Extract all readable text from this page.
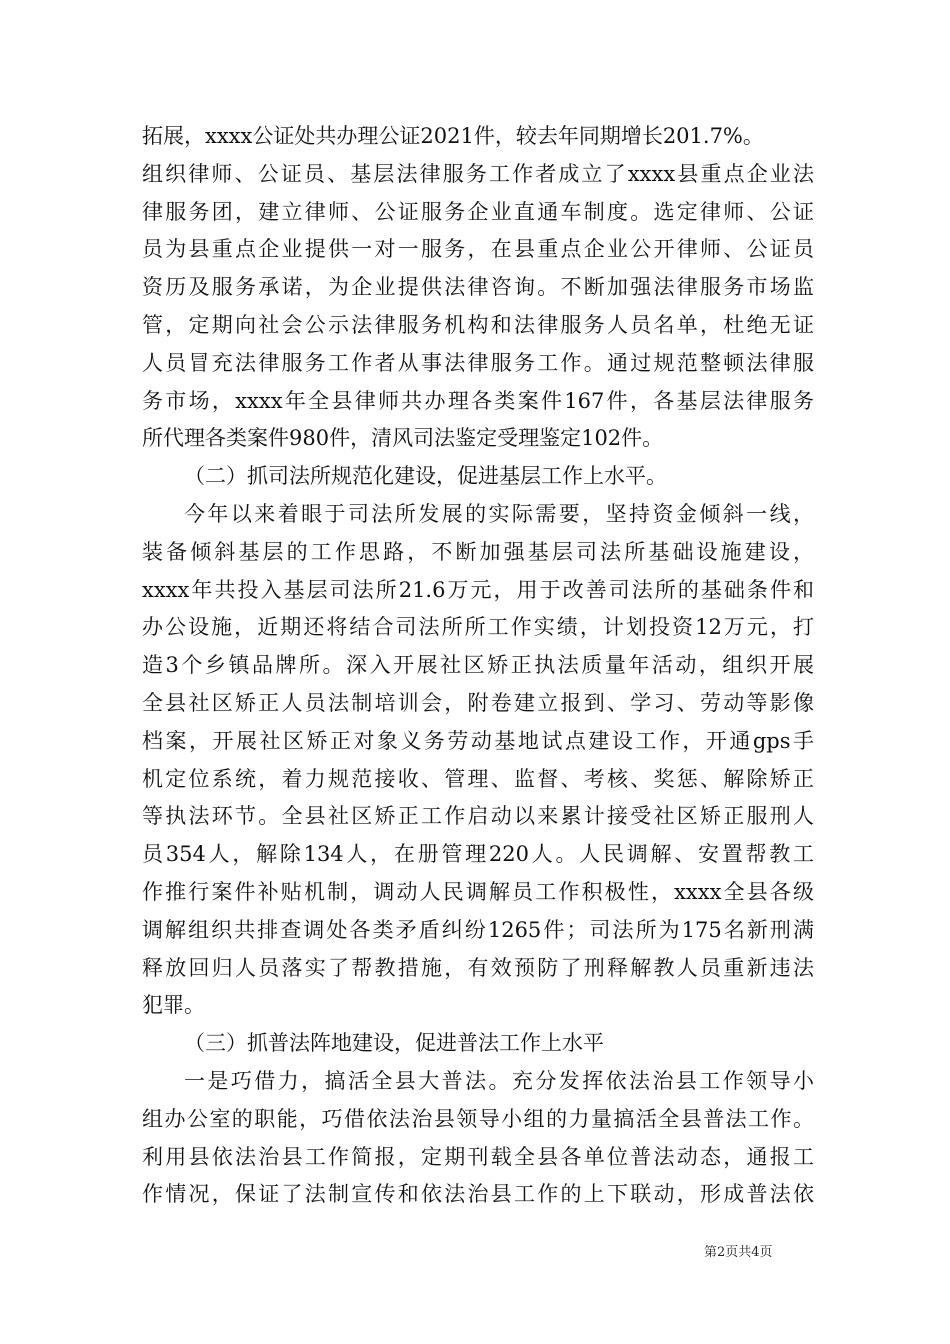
拓展，xxxx公证处共办理公证2021件，较去年同期增长201.7%。
组织律师、公证员、基层法律服务工作者成立了xxxx县重点企业法
律服务团，建立律师、公证服务企业直通车制度。选定律师、公证
员为县重点企业提供一对一服务，在县重点企业公开律师、公证员
资历及服务承诺，为企业提供法律咨询。不断加强法律服务市场监
管，定期向社会公示法律服务机构和法律服务人员名单，杜绝无证
人员冒充法律服务工作者从事法律服务工作。通过规范整顿法律服
务市场，xxxx年全县律师共办理各类案件167件，各基层法律服务
所代理各类案件980件，清风司法鉴定受理鉴定102件。
（二）抓司法所规范化建设，促进基层工作上水平。
今年以来着眼于司法所发展的实际需要，坚持资金倾斜一线，
装备倾斜基层的工作思路，不断加强基层司法所基础设施建设，
xxxx年共投入基层司法所21.6万元，用于改善司法所的基础条件和
办公设施，近期还将结合司法所所工作实绩，计划投资12万元，打
造3个乡镇品牌所。深入开展社区矫正执法质量年活动，组织开展
全县社区矫正人员法制培训会，附卷建立报到、学习、劳动等影像
档案，开展社区矫正对象义务劳动基地试点建设工作，开通gps手
机定位系统，着力规范接收、管理、监督、考核、奖惩、解除矫正
等执法环节。全县社区矫正工作启动以来累计接受社区矫正服刑人
员354人，解除134人，在册管理220人。人民调解、安置帮教工
作推行案件补贴机制，调动人民调解员工作积极性，xxxx全县各级
调解组织共排查调处各类矛盾纠纷1265件；司法所为175名新刑满
释放回归人员落实了帮教措施，有效预防了刑释解教人员重新违法
犯罪。
（三）抓普法阵地建设，促进普法工作上水平
一是巧借力，搞活全县大普法。充分发挥依法治县工作领导小
组办公室的职能，巧借依法治县领导小组的力量搞活全县普法工作。
利用县依法治县工作简报，定期刊载全县各单位普法动态，通报工
作情况，保证了法制宣传和依法治县工作的上下联动，形成普法依
第2页共4页
